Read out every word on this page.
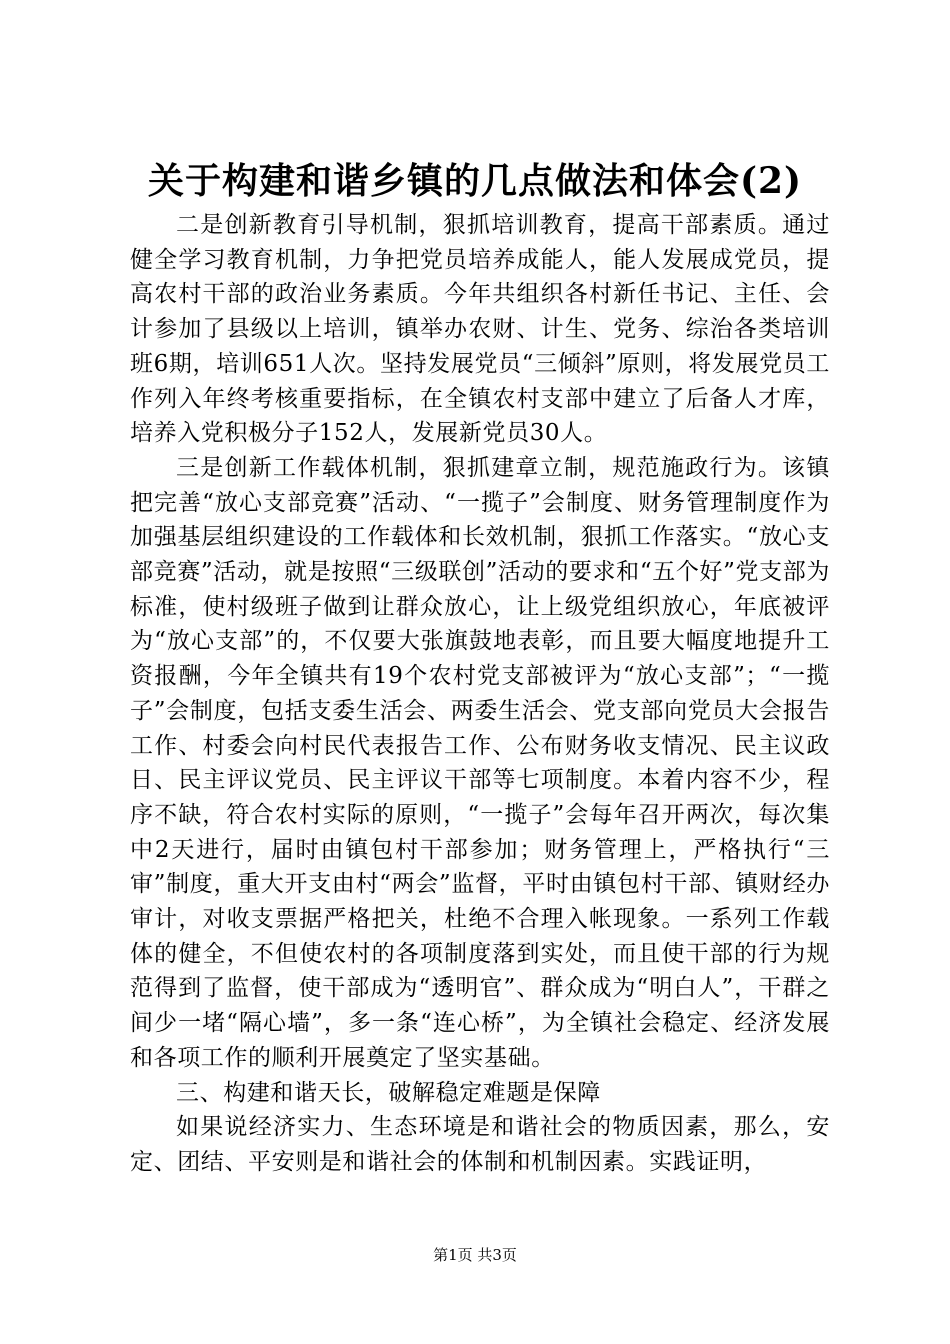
关于构建和谐乡镇的几点做法和体会(2)

二是创新教育引导机制，狠抓培训教育，提高干部素质。通过健全学习教育机制，力争把党员培养成能人，能人发展成党员，提高农村干部的政治业务素质。今年共组织各村新任书记、主任、会计参加了县级以上培训，镇举办农财、计生、党务、综治各类培训班6期，培训651人次。坚持发展党员“三倾斜”原则，将发展党员工作列入年终考核重要指标，在全镇农村支部中建立了后备人才库，培养入党积极分子152人，发展新党员30人。

三是创新工作载体机制，狠抓建章立制，规范施政行为。该镇把完善“放心支部竞赛”活动、“一揽子”会制度、财务管理制度作为加强基层组织建设的工作载体和长效机制，狠抓工作落实。“放心支部竞赛”活动，就是按照“三级联创”活动的要求和“五个好”党支部为标准，使村级班子做到让群众放心，让上级党组织放心，年底被评为“放心支部”的，不仅要大张旗鼓地表彰，而且要大幅度地提升工资报酬，今年全镇共有19个农村党支部被评为“放心支部”；“一揽子”会制度，包括支委生活会、两委生活会、党支部向党员大会报告工作、村委会向村民代表报告工作、公布财务收支情况、民主议政日、民主评议党员、民主评议干部等七项制度。本着内容不少，程序不缺，符合农村实际的原则，“一揽子”会每年召开两次，每次集中2天进行，届时由镇包村干部参加；财务管理上，严格执行“三审”制度，重大开支由村“两会”监督，平时由镇包村干部、镇财经办审计，对收支票据严格把关，杜绝不合理入帐现象。一系列工作载体的健全，不但使农村的各项制度落到实处，而且使干部的行为规范得到了监督，使干部成为“透明官”、群众成为“明白人”，干群之间少一堵“隔心墙”，多一条“连心桥”，为全镇社会稳定、经济发展和各项工作的顺利开展奠定了坚实基础。

三、构建和谐天长，破解稳定难题是保障

如果说经济实力、生态环境是和谐社会的物质因素，那么，安定、团结、平安则是和谐社会的体制和机制因素。实践证明，

第1页 共3页
